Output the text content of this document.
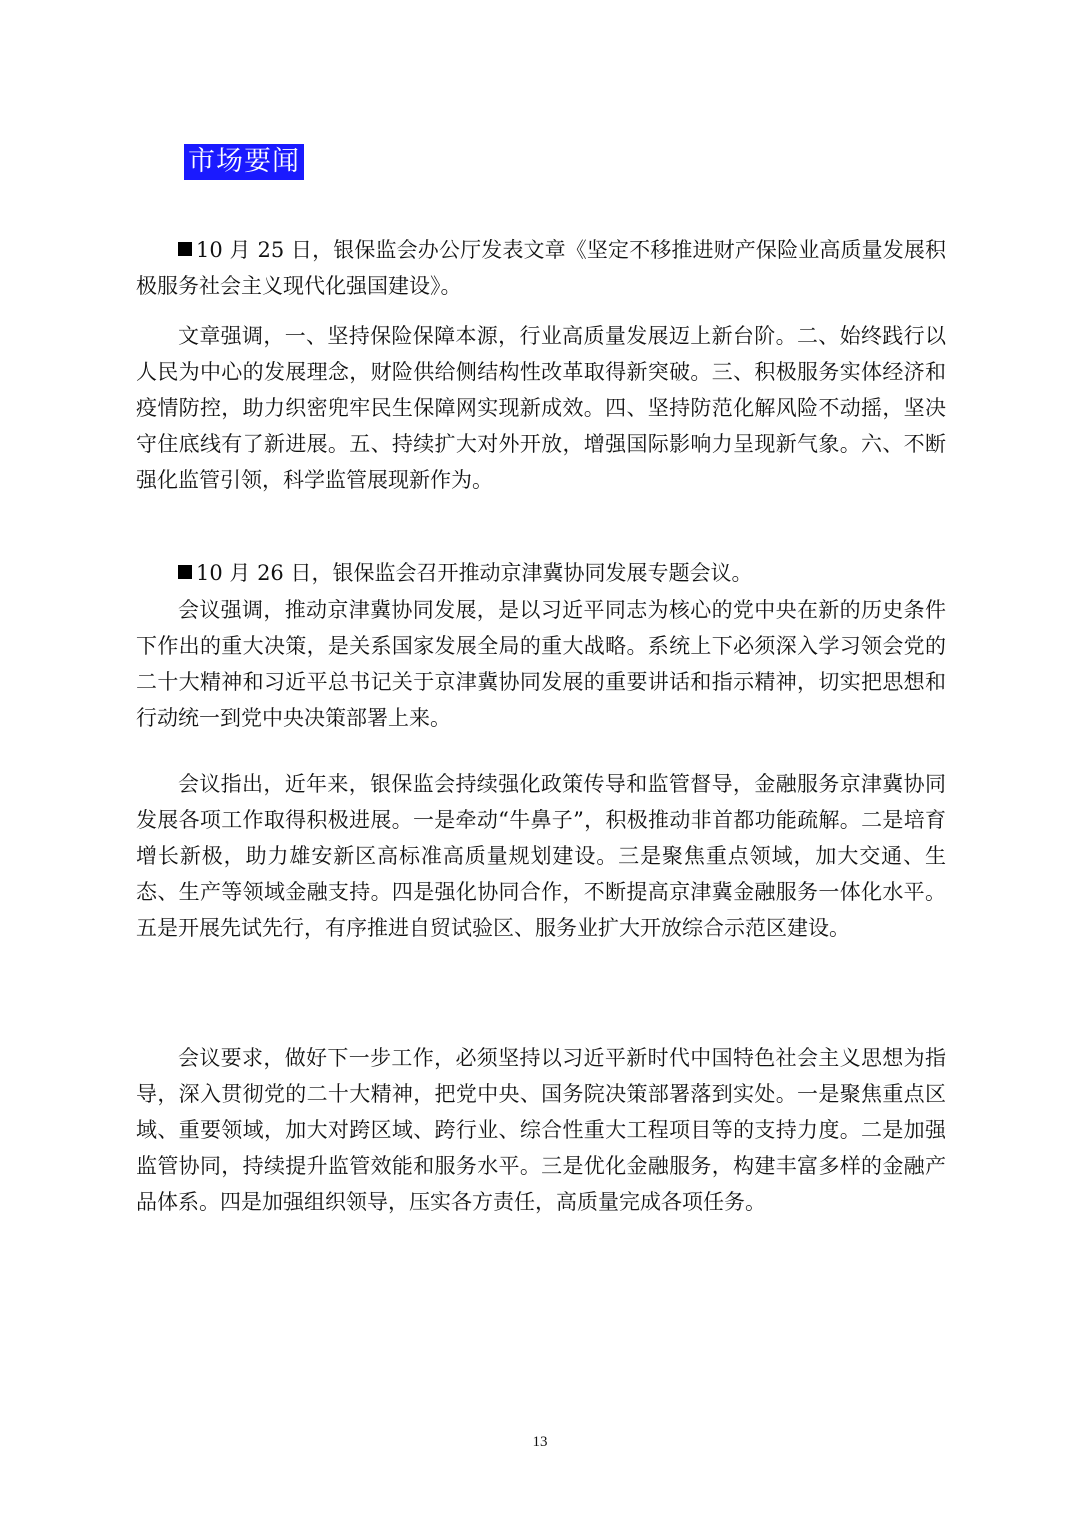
市场要闻

10 月 25 日，银保监会办公厅发表文章《坚定不移推进财产保险业高质量发展积极服务社会主义现代化强国建设》。

文章强调，一、坚持保险保障本源，行业高质量发展迈上新台阶。二、始终践行以人民为中心的发展理念，财险供给侧结构性改革取得新突破。三、积极服务实体经济和疫情防控，助力织密兜牢民生保障网实现新成效。四、坚持防范化解风险不动摇，坚决守住底线有了新进展。五、持续扩大对外开放，增强国际影响力呈现新气象。六、不断强化监管引领，科学监管展现新作为。

10 月 26 日，银保监会召开推动京津冀协同发展专题会议。

会议强调，推动京津冀协同发展，是以习近平同志为核心的党中央在新的历史条件下作出的重大决策，是关系国家发展全局的重大战略。系统上下必须深入学习领会党的二十大精神和习近平总书记关于京津冀协同发展的重要讲话和指示精神，切实把思想和行动统一到党中央决策部署上来。

会议指出，近年来，银保监会持续强化政策传导和监管督导，金融服务京津冀协同发展各项工作取得积极进展。一是牵动“牛鼻子”，积极推动非首都功能疏解。二是培育增长新极，助力雄安新区高标准高质量规划建设。三是聚焦重点领域，加大交通、生态、生产等领域金融支持。四是强化协同合作，不断提高京津冀金融服务一体化水平。五是开展先试先行，有序推进自贸试验区、服务业扩大开放综合示范区建设。

会议要求，做好下一步工作，必须坚持以习近平新时代中国特色社会主义思想为指导，深入贯彻党的二十大精神，把党中央、国务院决策部署落到实处。一是聚焦重点区域、重要领域，加大对跨区域、跨行业、综合性重大工程项目等的支持力度。二是加强监管协同，持续提升监管效能和服务水平。三是优化金融服务，构建丰富多样的金融产品体系。四是加强组织领导，压实各方责任，高质量完成各项任务。

13
